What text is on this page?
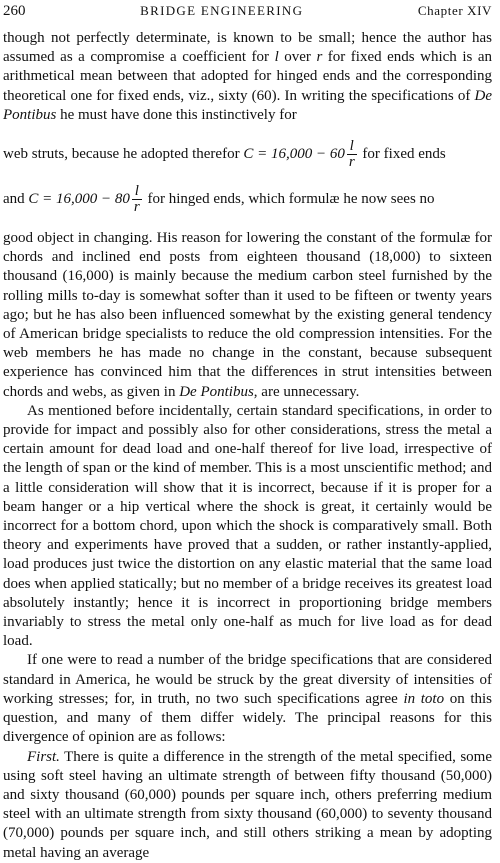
260	BRIDGE ENGINEERING	Chapter XIV

though not perfectly determinate, is known to be small; hence the author has assumed as a compromise a coefficient for l over r for fixed ends which is an arithmetical mean between that adopted for hinged ends and the corresponding theoretical one for fixed ends, viz., sixty (60). In writing the specifications of De Pontibus he must have done this instinctively for

web struts, because he adopted therefor $C = 16,000 - 60 \frac{l}{r}$ for fixed ends
and $C = 16,000 - 80 \frac{l}{r}$ for hinged ends, which formulæ he now sees no

good object in changing. His reason for lowering the constant of the formulæ for chords and inclined end posts from eighteen thousand (18,000) to sixteen thousand (16,000) is mainly because the medium carbon steel furnished by the rolling mills to-day is somewhat softer than it used to be fifteen or twenty years ago; but he has also been influenced somewhat by the existing general tendency of American bridge specialists to reduce the old compression intensities. For the web members he has made no change in the constant, because subsequent experience has convinced him that the differences in strut intensities between chords and webs, as given in De Pontibus, are unnecessary.

As mentioned before incidentally, certain standard specifications, in order to provide for impact and possibly also for other considerations, stress the metal a certain amount for dead load and one-half thereof for live load, irrespective of the length of span or the kind of member. This is a most unscientific method; and a little consideration will show that it is incorrect, because if it is proper for a beam hanger or a hip vertical where the shock is great, it certainly would be incorrect for a bottom chord, upon which the shock is comparatively small. Both theory and experiments have proved that a sudden, or rather instantly-applied, load produces just twice the distortion on any elastic material that the same load does when applied statically; but no member of a bridge receives its greatest load absolutely instantly; hence it is incorrect in proportioning bridge members invariably to stress the metal only one-half as much for live load as for dead load.

If one were to read a number of the bridge specifications that are considered standard in America, he would be struck by the great diversity of intensities of working stresses; for, in truth, no two such specifications agree in toto on this question, and many of them differ widely. The principal reasons for this divergence of opinion are as follows:

First. There is quite a difference in the strength of the metal specified, some using soft steel having an ultimate strength of between fifty thousand (50,000) and sixty thousand (60,000) pounds per square inch, others preferring medium steel with an ultimate strength from sixty thousand (60,000) to seventy thousand (70,000) pounds per square inch, and still others striking a mean by adopting metal having an average
